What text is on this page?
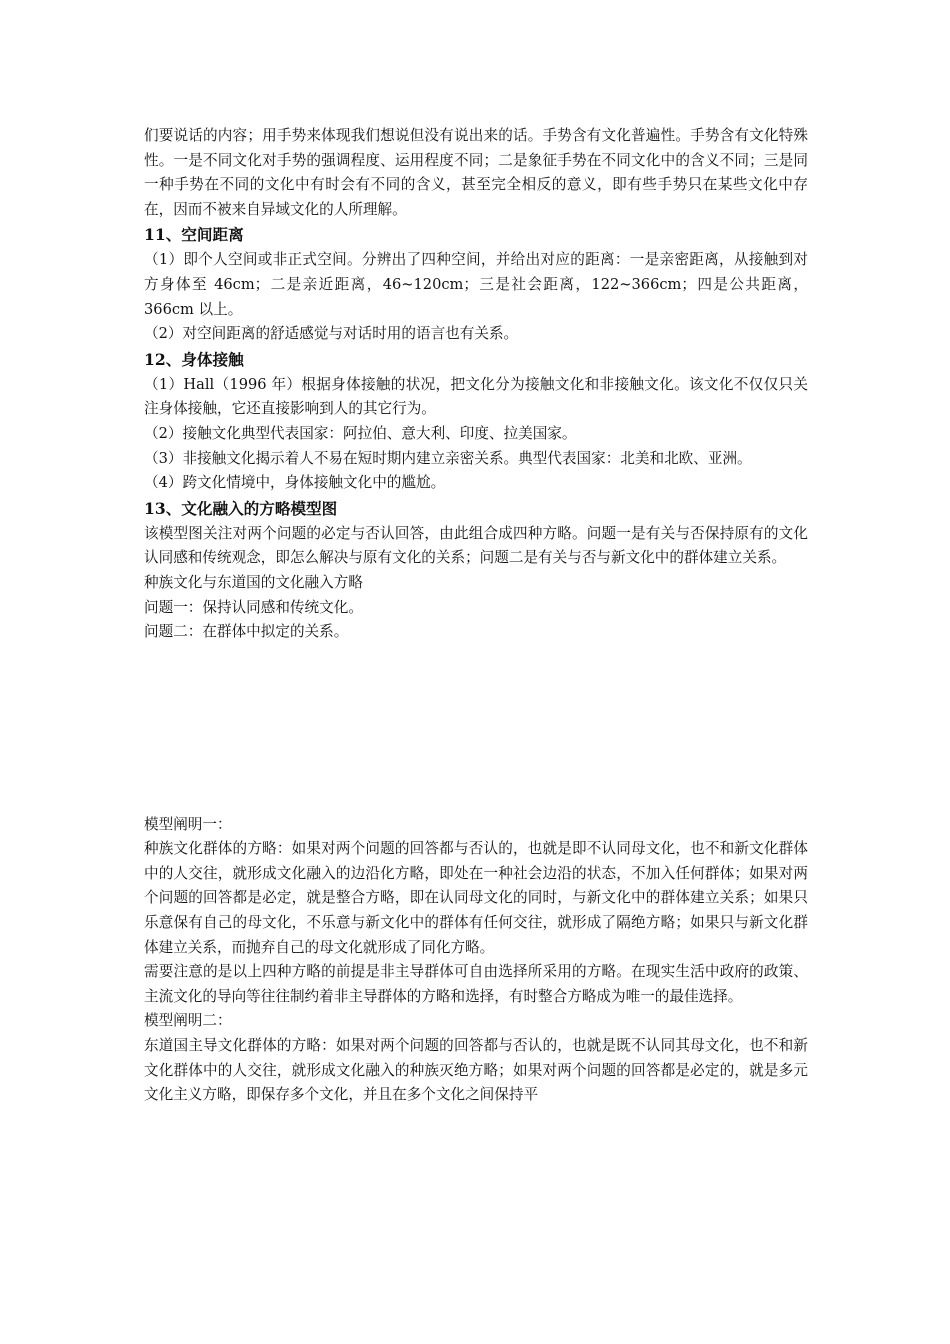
们要说话的内容；用手势来体现我们想说但没有说出来的话。手势含有文化普遍性。手势含有文化特殊性。一是不同文化对手势的强调程度、运用程度不同；二是象征手势在不同文化中的含义不同；三是同一种手势在不同的文化中有时会有不同的含义，甚至完全相反的意义，即有些手势只在某些文化中存在，因而不被来自异域文化的人所理解。

11、空间距离

（1）即个人空间或非正式空间。分辨出了四种空间，并给出对应的距离：一是亲密距离，从接触到对方身体至 46cm；二是亲近距离，46~120cm；三是社会距离，122~366cm；四是公共距离，366cm 以上。

（2）对空间距离的舒适感觉与对话时用的语言也有关系。

12、身体接触

（1）Hall（1996 年）根据身体接触的状况，把文化分为接触文化和非接触文化。该文化不仅仅只关注身体接触，它还直接影响到人的其它行为。

（2）接触文化典型代表国家：阿拉伯、意大利、印度、拉美国家。

（3）非接触文化揭示着人不易在短时期内建立亲密关系。典型代表国家：北美和北欧、亚洲。

（4）跨文化情境中，身体接触文化中的尴尬。

13、文化融入的方略模型图

该模型图关注对两个问题的必定与否认回答，由此组合成四种方略。问题一是有关与否保持原有的文化认同感和传统观念，即怎么解决与原有文化的关系；问题二是有关与否与新文化中的群体建立关系。

种族文化与东道国的文化融入方略

问题一：保持认同感和传统文化。

问题二：在群体中拟定的关系。

模型阐明一：

种族文化群体的方略：如果对两个问题的回答都与否认的，也就是即不认同母文化，也不和新文化群体中的人交往，就形成文化融入的边沿化方略，即处在一种社会边沿的状态，不加入任何群体；如果对两个问题的回答都是必定，就是整合方略，即在认同母文化的同时，与新文化中的群体建立关系；如果只乐意保有自己的母文化，不乐意与新文化中的群体有任何交往，就形成了隔绝方略；如果只与新文化群体建立关系，而抛弃自己的母文化就形成了同化方略。

需要注意的是以上四种方略的前提是非主导群体可自由选择所采用的方略。在现实生活中政府的政策、主流文化的导向等往往制约着非主导群体的方略和选择，有时整合方略成为唯一的最佳选择。

模型阐明二：

东道国主导文化群体的方略：如果对两个问题的回答都与否认的，也就是既不认同其母文化，也不和新文化群体中的人交往，就形成文化融入的种族灭绝方略；如果对两个问题的回答都是必定的，就是多元文化主义方略，即保存多个文化，并且在多个文化之间保持平
